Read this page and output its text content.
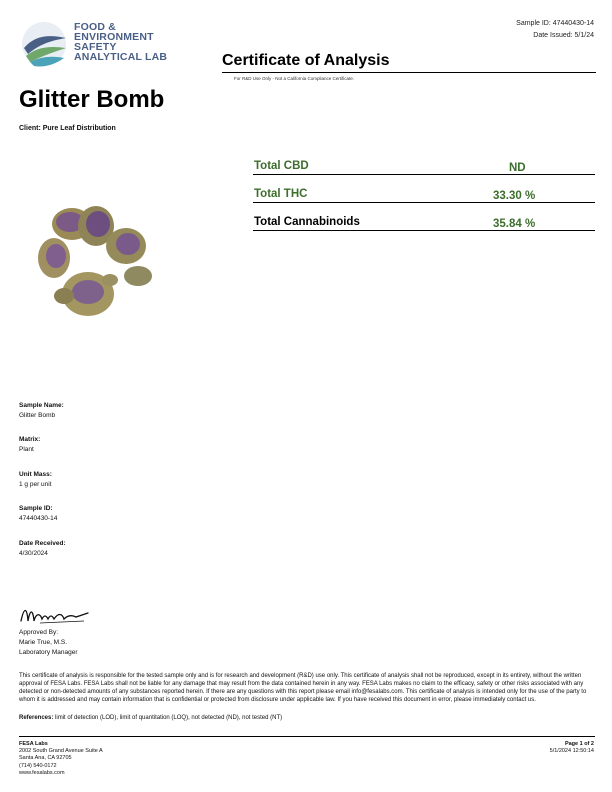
FOOD &
ENVIRONMENT
SAFETY
ANALYTICAL LAB
Sample ID: 47440430-14
Date Issued: 5/1/24
Certificate of Analysis
For R&D Use Only - Not a California Compliance Certificate.
Glitter Bomb
Client: Pure Leaf Distribution
Total CBD	ND
Total THC	33.30 %
Total Cannabinoids	35.84 %
Sample Name:
Glitter Bomb
Matrix:
Plant
Unit Mass:
1 g per unit
Sample ID:
47440430-14
Date Received:
4/30/2024
Approved By:
Marie True, M.S.
Laboratory Manager
This certificate of analysis is responsible for the tested sample only and is for research and development (R&D) use only. This certificate of analysis shall not be reproduced, except in its entirety, without the written approval of FESA Labs. FESA Labs shall not be liable for any damage that may result from the data contained herein in any way. FESA Labs makes no claim to the efficacy, safety or other risks associated with any detected or non-detected amounts of any substances reported herein. If there are any questions with this report please email info@fesalabs.com. This certificate of analysis is intended only for the use of the party to whom it is addressed and may contain information that is confidential or protected from disclosure under applicable law. If you have received this document in error, please immediately contact us.
References: limit of detection (LOD), limit of quantitation (LOQ), not detected (ND), not tested (NT)
FESA Labs
2002 South Grand Avenue Suite A
Santa Ana, CA 92705
(714) 540-0172
www.fesalabs.com
Page 1 of 2
5/1/2024 12:50:14
